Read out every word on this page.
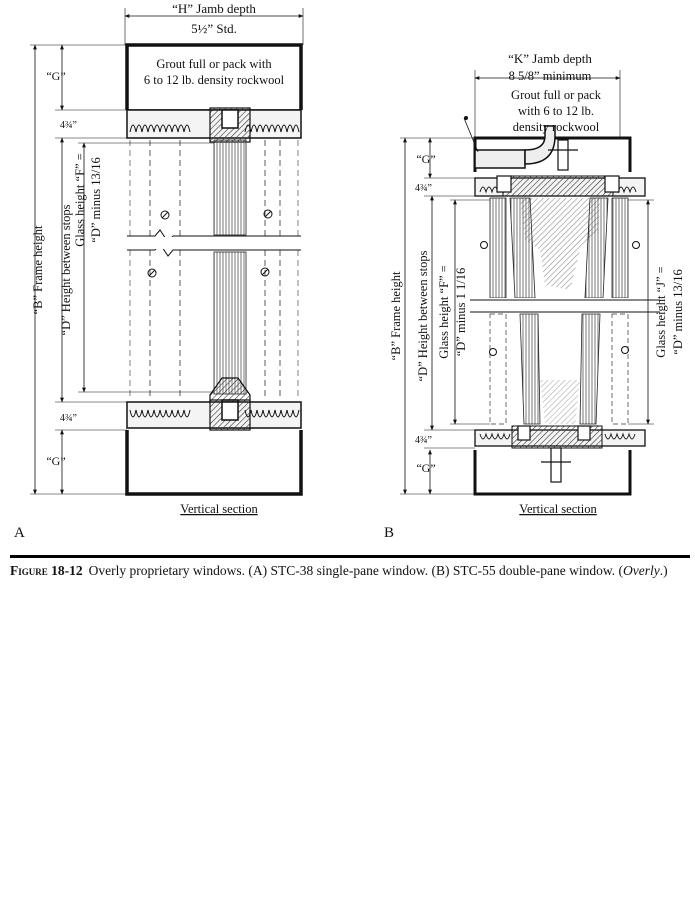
“H” Jamb depth
5½” Std.
Grout full or pack with
6 to 12 lb. density rockwool
“G”
“G”
4¾”
4¾”
“B” Frame height “D” Height between stops
Glass height “F” = “D” minus 13/16
Vertical section
A
“K” Jamb depth
8 5/8” minimum
Grout full or pack
with 6 to 12 lb.
density rockwool
“G”
“G”
4¾”
4¾”
“B” Frame height “D” Height between stops Glass height “F” = “D” minus 1 1/16	Glass height “J” = “D” minus 13/16
Vertical section
B
Figure 18-12 Overly proprietary windows. (A) STC-38 single-pane window. (B) STC-55 double-pane window. (Overly.)
